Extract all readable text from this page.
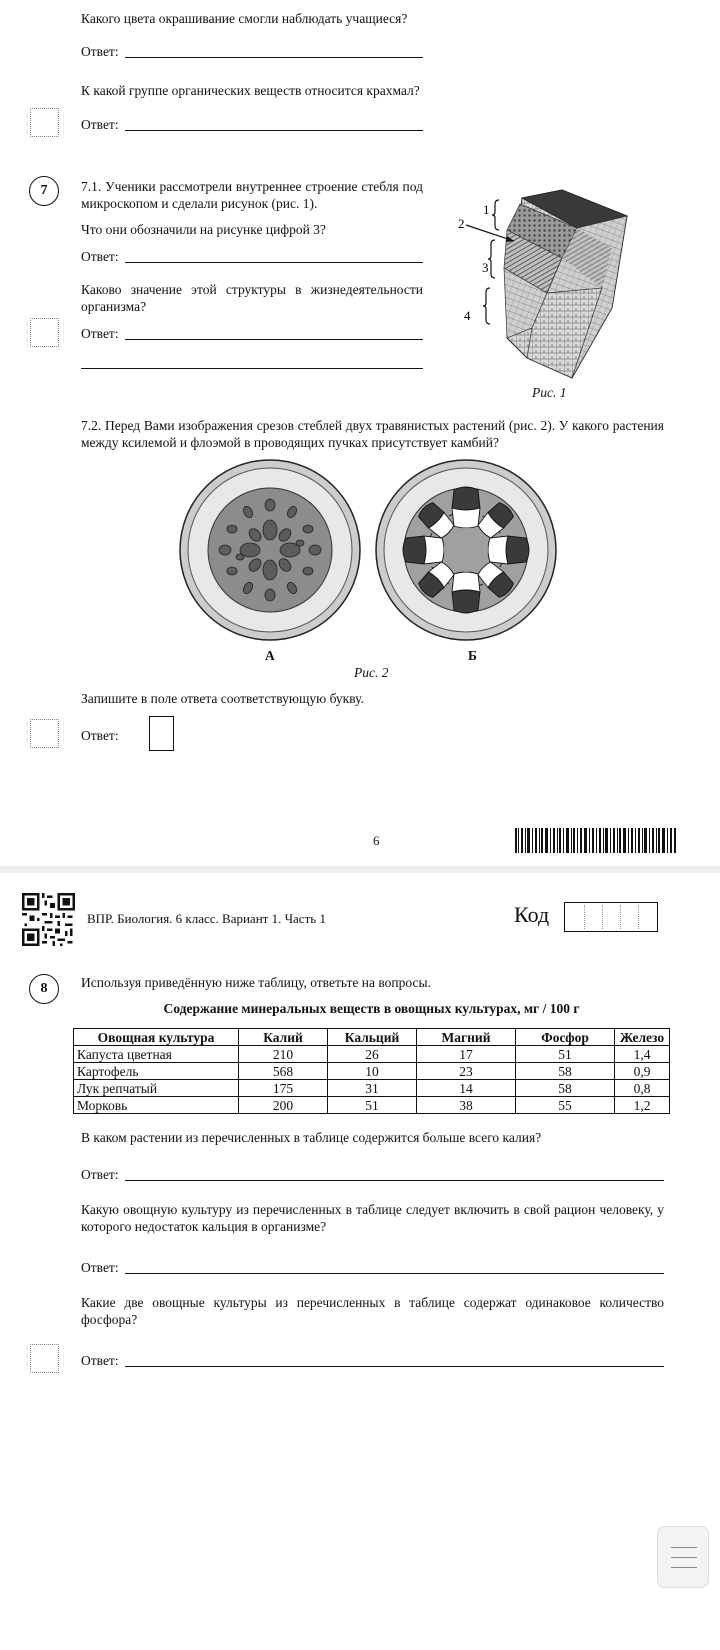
Какого цвета окрашивание смогли наблюдать учащиеся?
Ответ:
К какой группе органических веществ относится крахмал?
Ответ:
7	7.1. Ученики рассмотрели внутреннее строение стебля под микроскопом и сделали рисунок (рис. 1).
Что они обозначили на рисунке цифрой 3?
Ответ:
Каково значение этой структуры в жизнедеятельности организма?
Ответ:
1
2
3
4
Рис. 1
7.2. Перед Вами изображения срезов стеблей двух травянистых растений (рис. 2). У какого растения между ксилемой и флоэмой в проводящих пучках присутствует камбий?
А	Б
Рис. 2
Запишите в поле ответа соответствующую букву.
Ответ:
6
ВПР. Биология. 6 класс. Вариант 1. Часть 1	Код
8	Используя приведённую ниже таблицу, ответьте на вопросы.
Содержание минеральных веществ в овощных культурах, мг / 100 г
Овощная культура	Калий	Кальций	Магний	Фосфор	Железо
Капуста цветная	210	26	17	51	1,4
Картофель	568	10	23	58	0,9
Лук репчатый	175	31	14	58	0,8
Морковь	200	51	38	55	1,2
В каком растении из перечисленных в таблице содержится больше всего калия?
Ответ:
Какую овощную культуру из перечисленных в таблице следует включить в свой рацион человеку, у которого недостаток кальция в организме?
Ответ:
Какие две овощные культуры из перечисленных в таблице содержат одинаковое количество фосфора?
Ответ:
